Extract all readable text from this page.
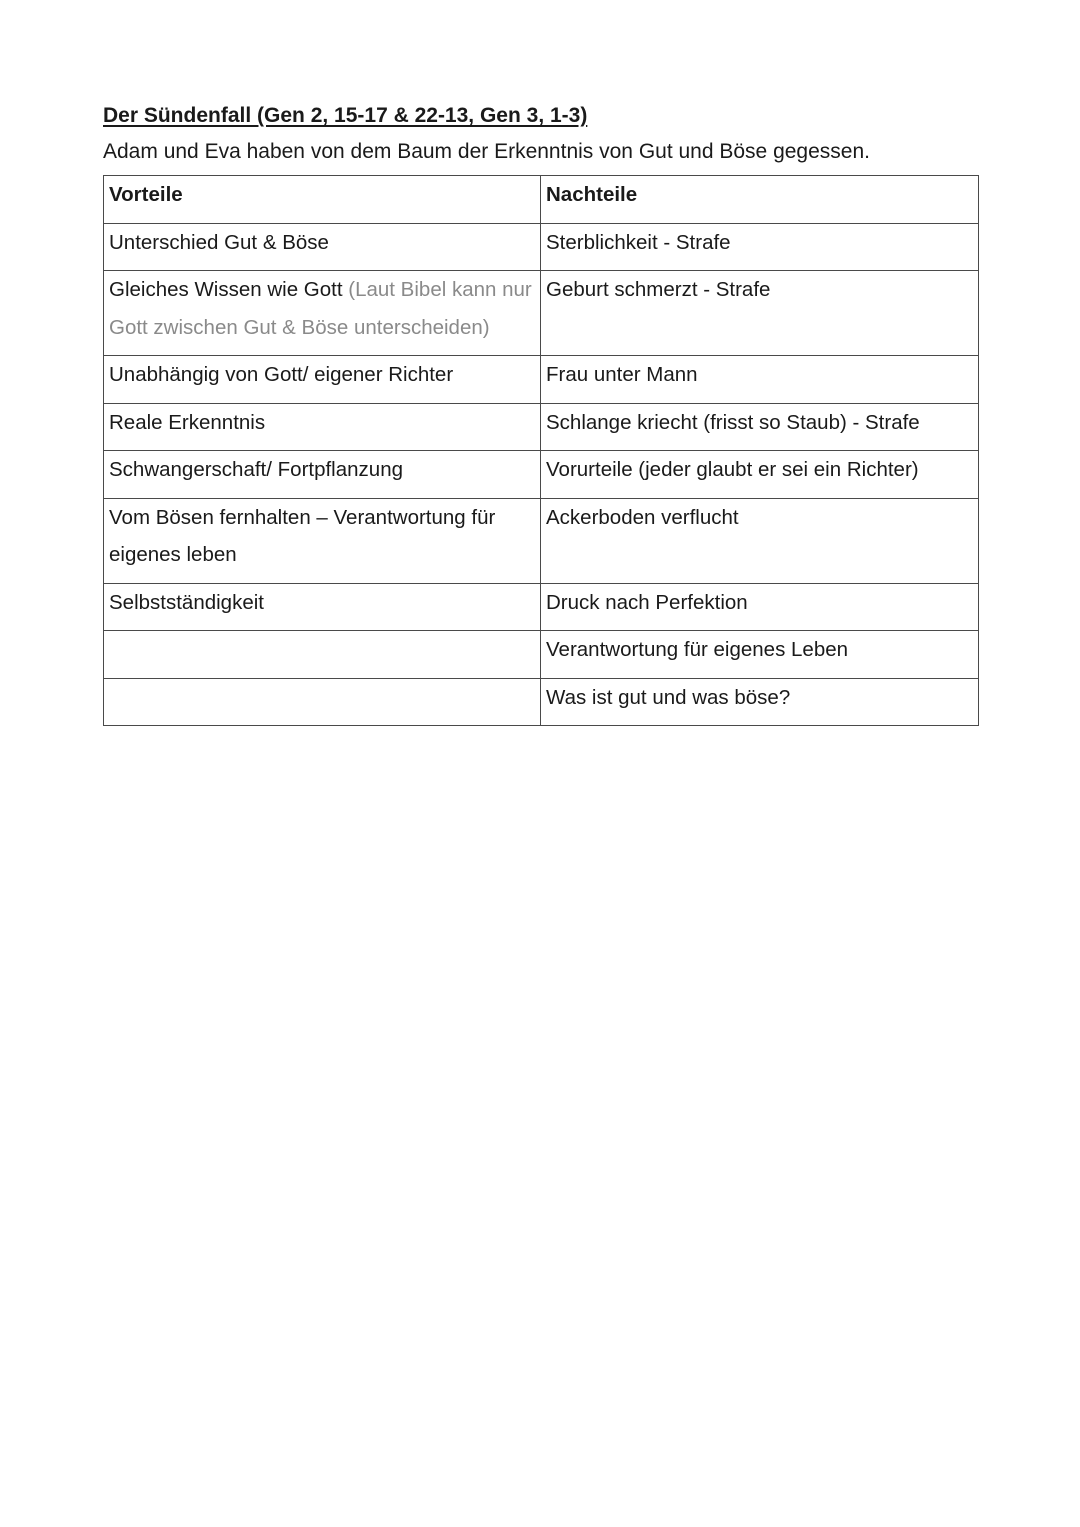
Der Sündenfall (Gen 2, 15-17 & 22-13, Gen 3, 1-3)

Adam und Eva haben von dem Baum der Erkenntnis von Gut und Böse gegessen.

Vorteile	Nachteile
Unterschied Gut & Böse	Sterblichkeit - Strafe
Gleiches Wissen wie Gott (Laut Bibel kann nur Gott zwischen Gut & Böse unterscheiden)	Geburt schmerzt - Strafe
Unabhängig von Gott/ eigener Richter	Frau unter Mann
Reale Erkenntnis	Schlange kriecht (frisst so Staub) - Strafe
Schwangerschaft/ Fortpflanzung	Vorurteile (jeder glaubt er sei ein Richter)
Vom Bösen fernhalten – Verantwortung für eigenes leben	Ackerboden verflucht
Selbstständigkeit	Druck nach Perfektion
	Verantwortung für eigenes Leben
	Was ist gut und was böse?
